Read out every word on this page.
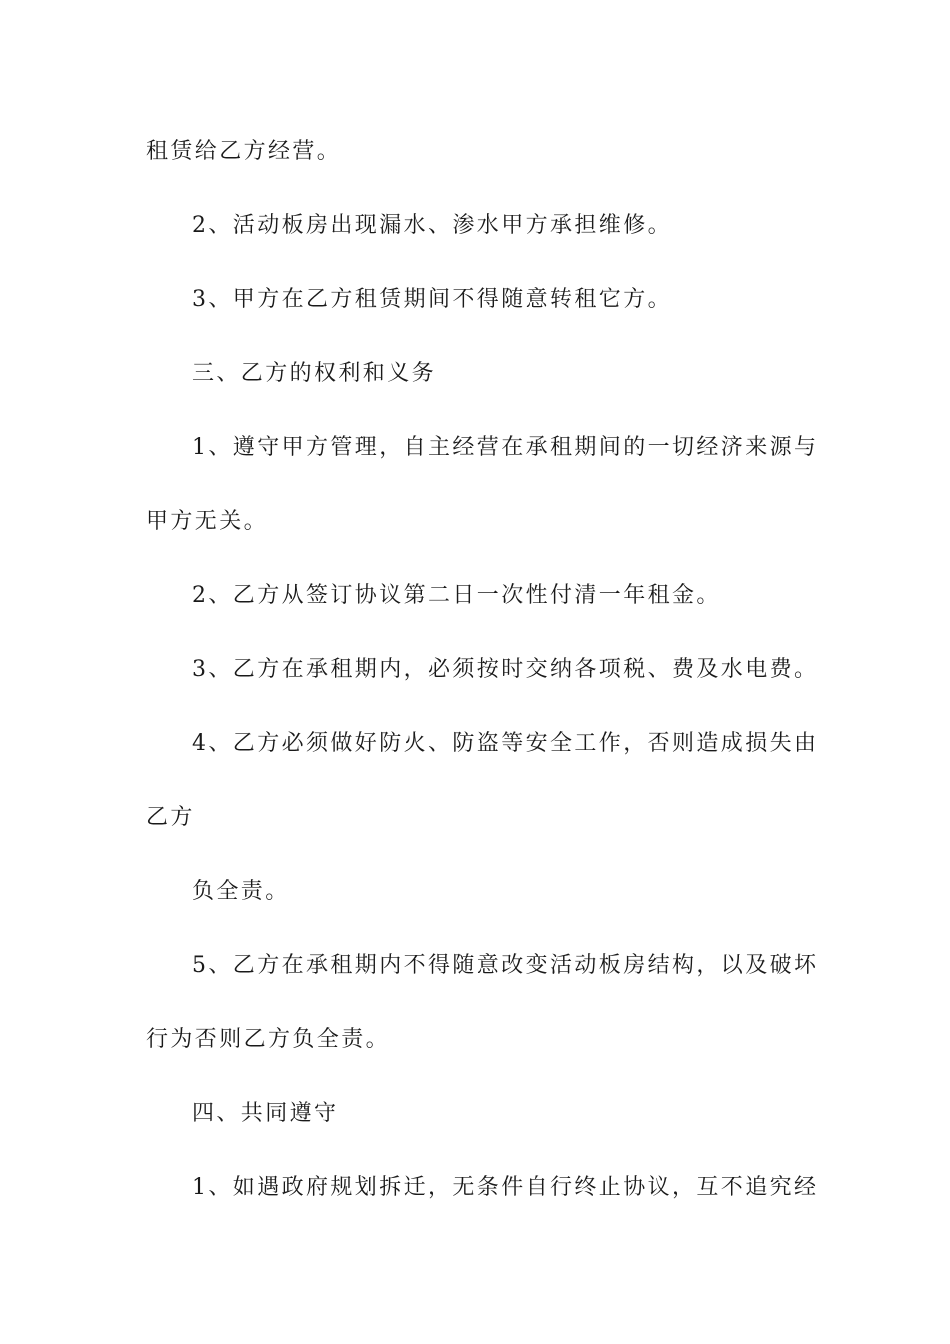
租赁给乙方经营。
2、活动板房出现漏水、渗水甲方承担维修。
3、甲方在乙方租赁期间不得随意转租它方。
三、乙方的权利和义务
1、遵守甲方管理，自主经营在承租期间的一切经济来源与
甲方无关。
2、乙方从签订协议第二日一次性付清一年租金。
3、乙方在承租期内，必须按时交纳各项税、费及水电费。
4、乙方必须做好防火、防盗等安全工作，否则造成损失由
乙方
负全责。
5、乙方在承租期内不得随意改变活动板房结构，以及破坏
行为否则乙方负全责。
四、共同遵守
1、如遇政府规划拆迁，无条件自行终止协议，互不追究经
